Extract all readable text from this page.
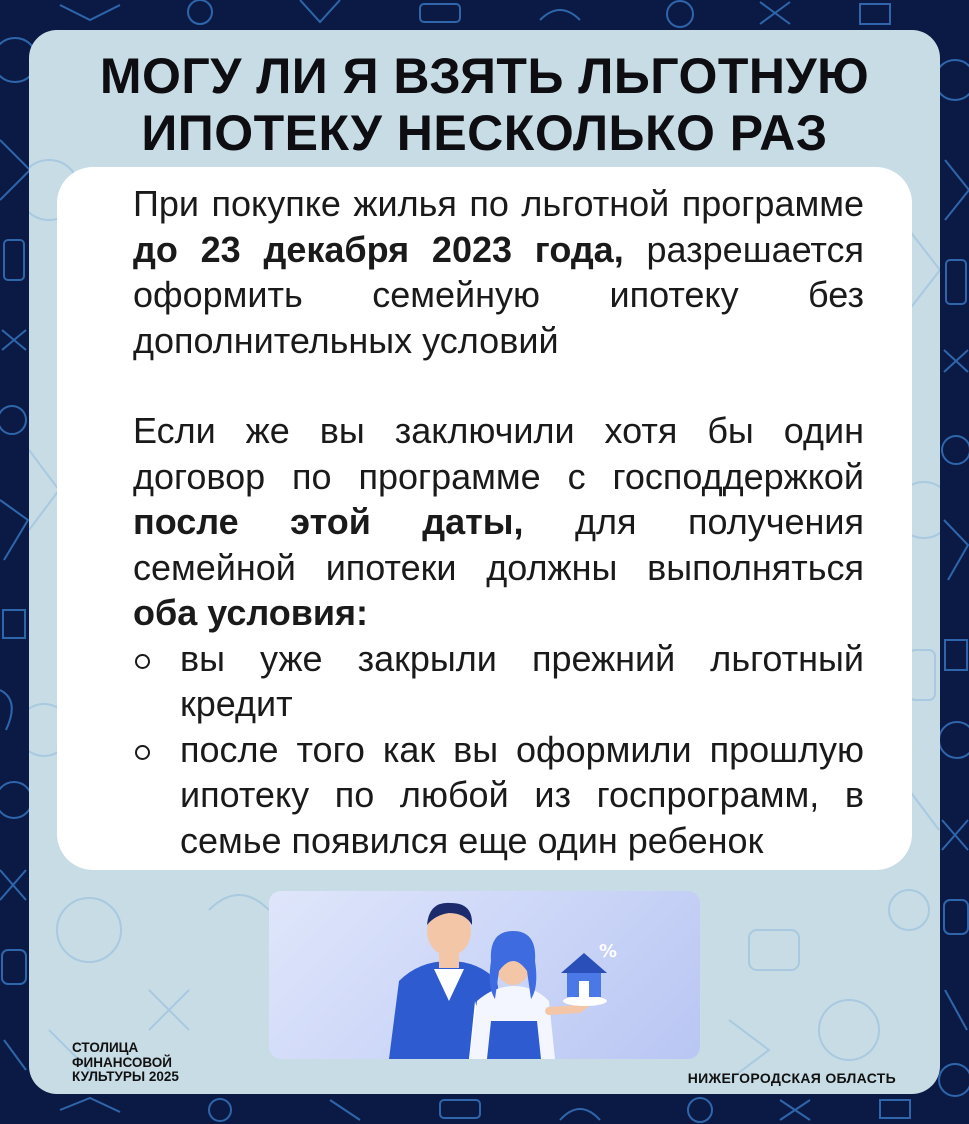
МОГУ ЛИ Я ВЗЯТЬ ЛЬГОТНУЮ
ИПОТЕКУ НЕСКОЛЬКО РАЗ

При покупке жилья по льготной программе до 23 декабря 2023 года, разрешается оформить семейную ипотеку без дополнительных условий

Если же вы заключили хотя бы один договор по программе с господдержкой после этой даты, для получения семейной ипотеки должны выполняться оба условия:

вы уже закрыли прежний льготный кредит
после того как вы оформили прошлую ипотеку по любой из госпрограмм, в семье появился еще один ребенок
%
СТОЛИЦА
ФИНАНСОВОЙ
КУЛЬТУРЫ 2025	НИЖЕГОРОДСКАЯ ОБЛАСТЬ
